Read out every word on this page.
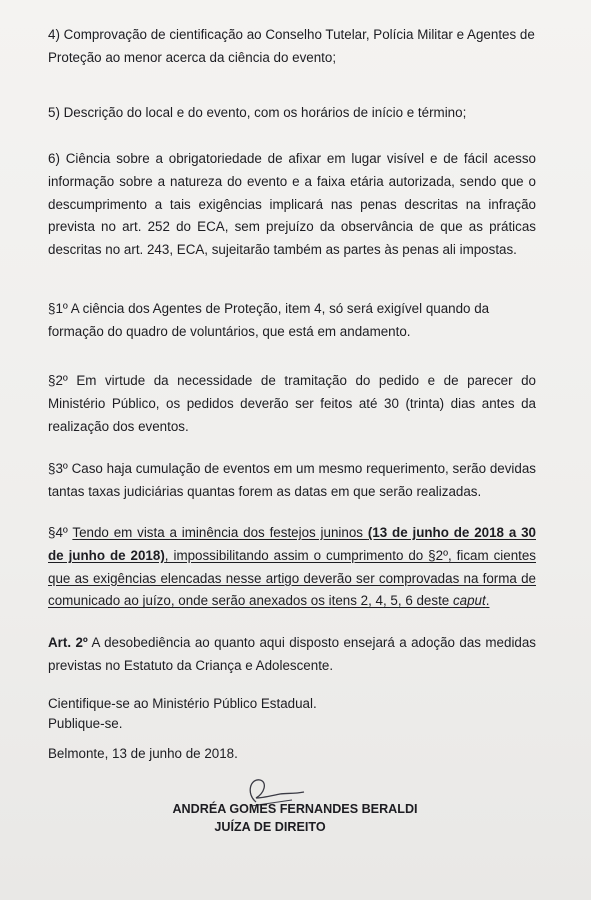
4) Comprovação de cientificação ao Conselho Tutelar, Polícia Militar e Agentes de Proteção ao menor acerca da ciência do evento;

5) Descrição do local e do evento, com os horários de início e término;

6) Ciência sobre a obrigatoriedade de afixar em lugar visível e de fácil acesso informação sobre a natureza do evento e a faixa etária autorizada, sendo que o descumprimento a tais exigências implicará nas penas descritas na infração prevista no art. 252 do ECA, sem prejuízo da observância de que as práticas descritas no art. 243, ECA, sujeitarão também as partes às penas ali impostas.

§1º A ciência dos Agentes de Proteção, item 4, só será exigível quando da formação do quadro de voluntários, que está em andamento.

§2º Em virtude da necessidade de tramitação do pedido e de parecer do Ministério Público, os pedidos deverão ser feitos até 30 (trinta) dias antes da realização dos eventos.

§3º Caso haja cumulação de eventos em um mesmo requerimento, serão devidas tantas taxas judiciárias quantas forem as datas em que serão realizadas.

§4º Tendo em vista a iminência dos festejos juninos (13 de junho de 2018 a 30 de junho de 2018), impossibilitando assim o cumprimento do §2º, ficam cientes que as exigências elencadas nesse artigo deverão ser comprovadas na forma de comunicado ao juízo, onde serão anexados os itens 2, 4, 5, 6 deste caput.

Art. 2º A desobediência ao quanto aqui disposto ensejará a adoção das medidas previstas no Estatuto da Criança e Adolescente.

Cientifique-se ao Ministério Público Estadual.

Publique-se.

Belmonte, 13 de junho de 2018.

ANDRÉA GOMES FERNANDES BERALDI
JUÍZA DE DIREITO
